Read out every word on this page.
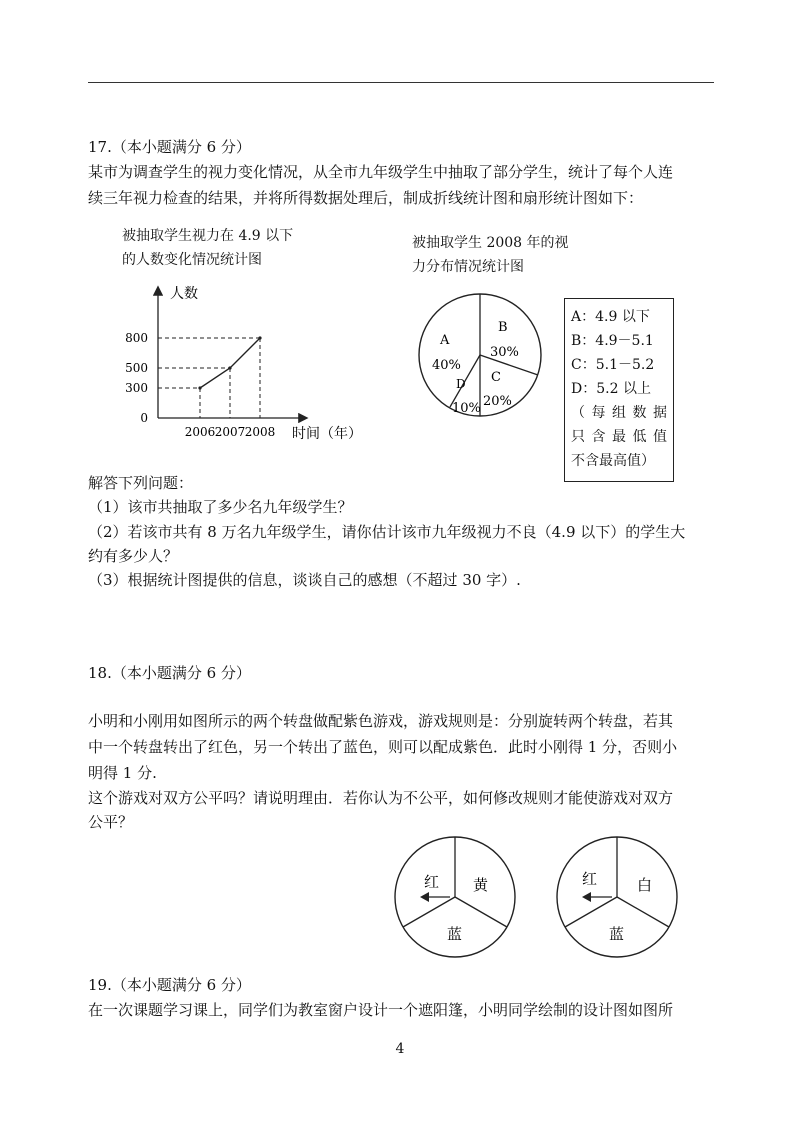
17.（本小题满分 6 分）
某市为调查学生的视力变化情况，从全市九年级学生中抽取了部分学生，统计了每个人连
续三年视力检查的结果，并将所得数据处理后，制成折线统计图和扇形统计图如下：
被抽取学生视力在 4.9 以下
的人数变化情况统计图
被抽取学生 2008 年的视
力分布情况统计图
人数
时间（年）
0
300
500
800
2006 2007 2008
A
40%
B
30%
C
20%
D
10%
A：4.9 以下
B：4.9－5.1
C：5.1－5.2
D：5.2 以上
（每组数据
只含最低值
不含最高值）
解答下列问题：
（1）该市共抽取了多少名九年级学生？
（2）若该市共有 8 万名九年级学生，请你估计该市九年级视力不良（4.9 以下）的学生大
约有多少人？
（3）根据统计图提供的信息，谈谈自己的感想（不超过 30 字）.
18.（本小题满分 6 分）
小明和小刚用如图所示的两个转盘做配紫色游戏，游戏规则是：分别旋转两个转盘，若其
中一个转盘转出了红色，另一个转出了蓝色，则可以配成紫色．此时小刚得 1 分，否则小
明得 1 分.
这个游戏对双方公平吗？请说明理由．若你认为不公平，如何修改规则才能使游戏对双方
公平？
红 黄
蓝
红	白
蓝
19.（本小题满分 6 分）
在一次课题学习课上，同学们为教室窗户设计一个遮阳篷，小明同学绘制的设计图如图所
4
